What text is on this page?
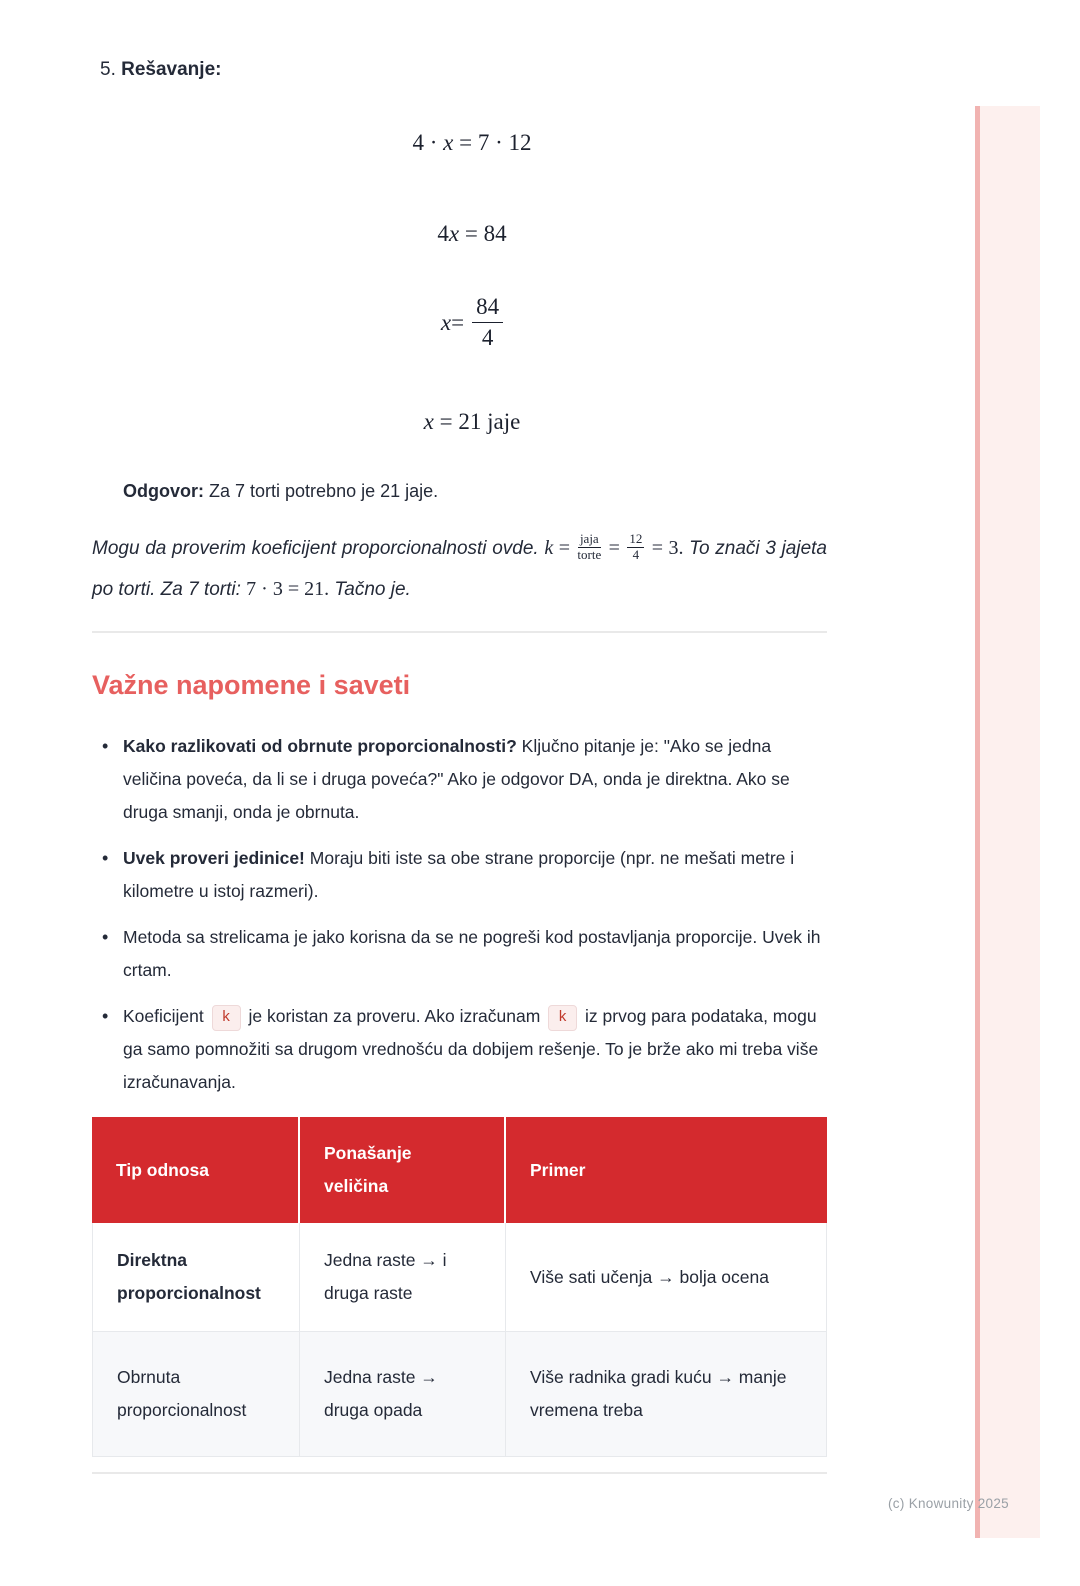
5. Rešavanje:
4 · x = 7 · 12
4x = 84
$x = \frac{84}{4}$
x = 21 jaje

Odgovor: Za 7 torti potrebno je 21 jaje.

Mogu da proverim koeficijent proporcionalnosti ovde. $k = \frac{\text{jaja}}{\text{torte}} = \frac{12}{4} = 3$. To znači 3 jajeta po torti. Za 7 torti: 7 · 3 = 21. Tačno je.

Važne napomene i saveti
• Kako razlikovati od obrnute proporcionalnosti? Ključno pitanje je: "Ako se jedna veličina poveća, da li se i druga poveća?" Ako je odgovor DA, onda je direktna. Ako se druga smanji, onda je obrnuta.
• Uvek proveri jedinice! Moraju biti iste sa obe strane proporcije (npr. ne mešati metre i kilometre u istoj razmeri).
• Metoda sa strelicama je jako korisna da se ne pogreši kod postavljanja proporcije. Uvek ih crtam.
• Koeficijent k je koristan za proveru. Ako izračunam k iz prvog para podataka, mogu ga samo pomnožiti sa drugom vrednošću da dobijem rešenje. To je brže ako mi treba više izračunavanja.
Tip odnosa	Ponašanje veličina	Primer
Direktna proporcionalnost	Jedna raste → i druga raste	Više sati učenja → bolja ocena
Obrnuta proporcionalnost	Jedna raste → druga opada	Više radnika gradi kuću → manje vremena treba
(c) Knowunity 2025
